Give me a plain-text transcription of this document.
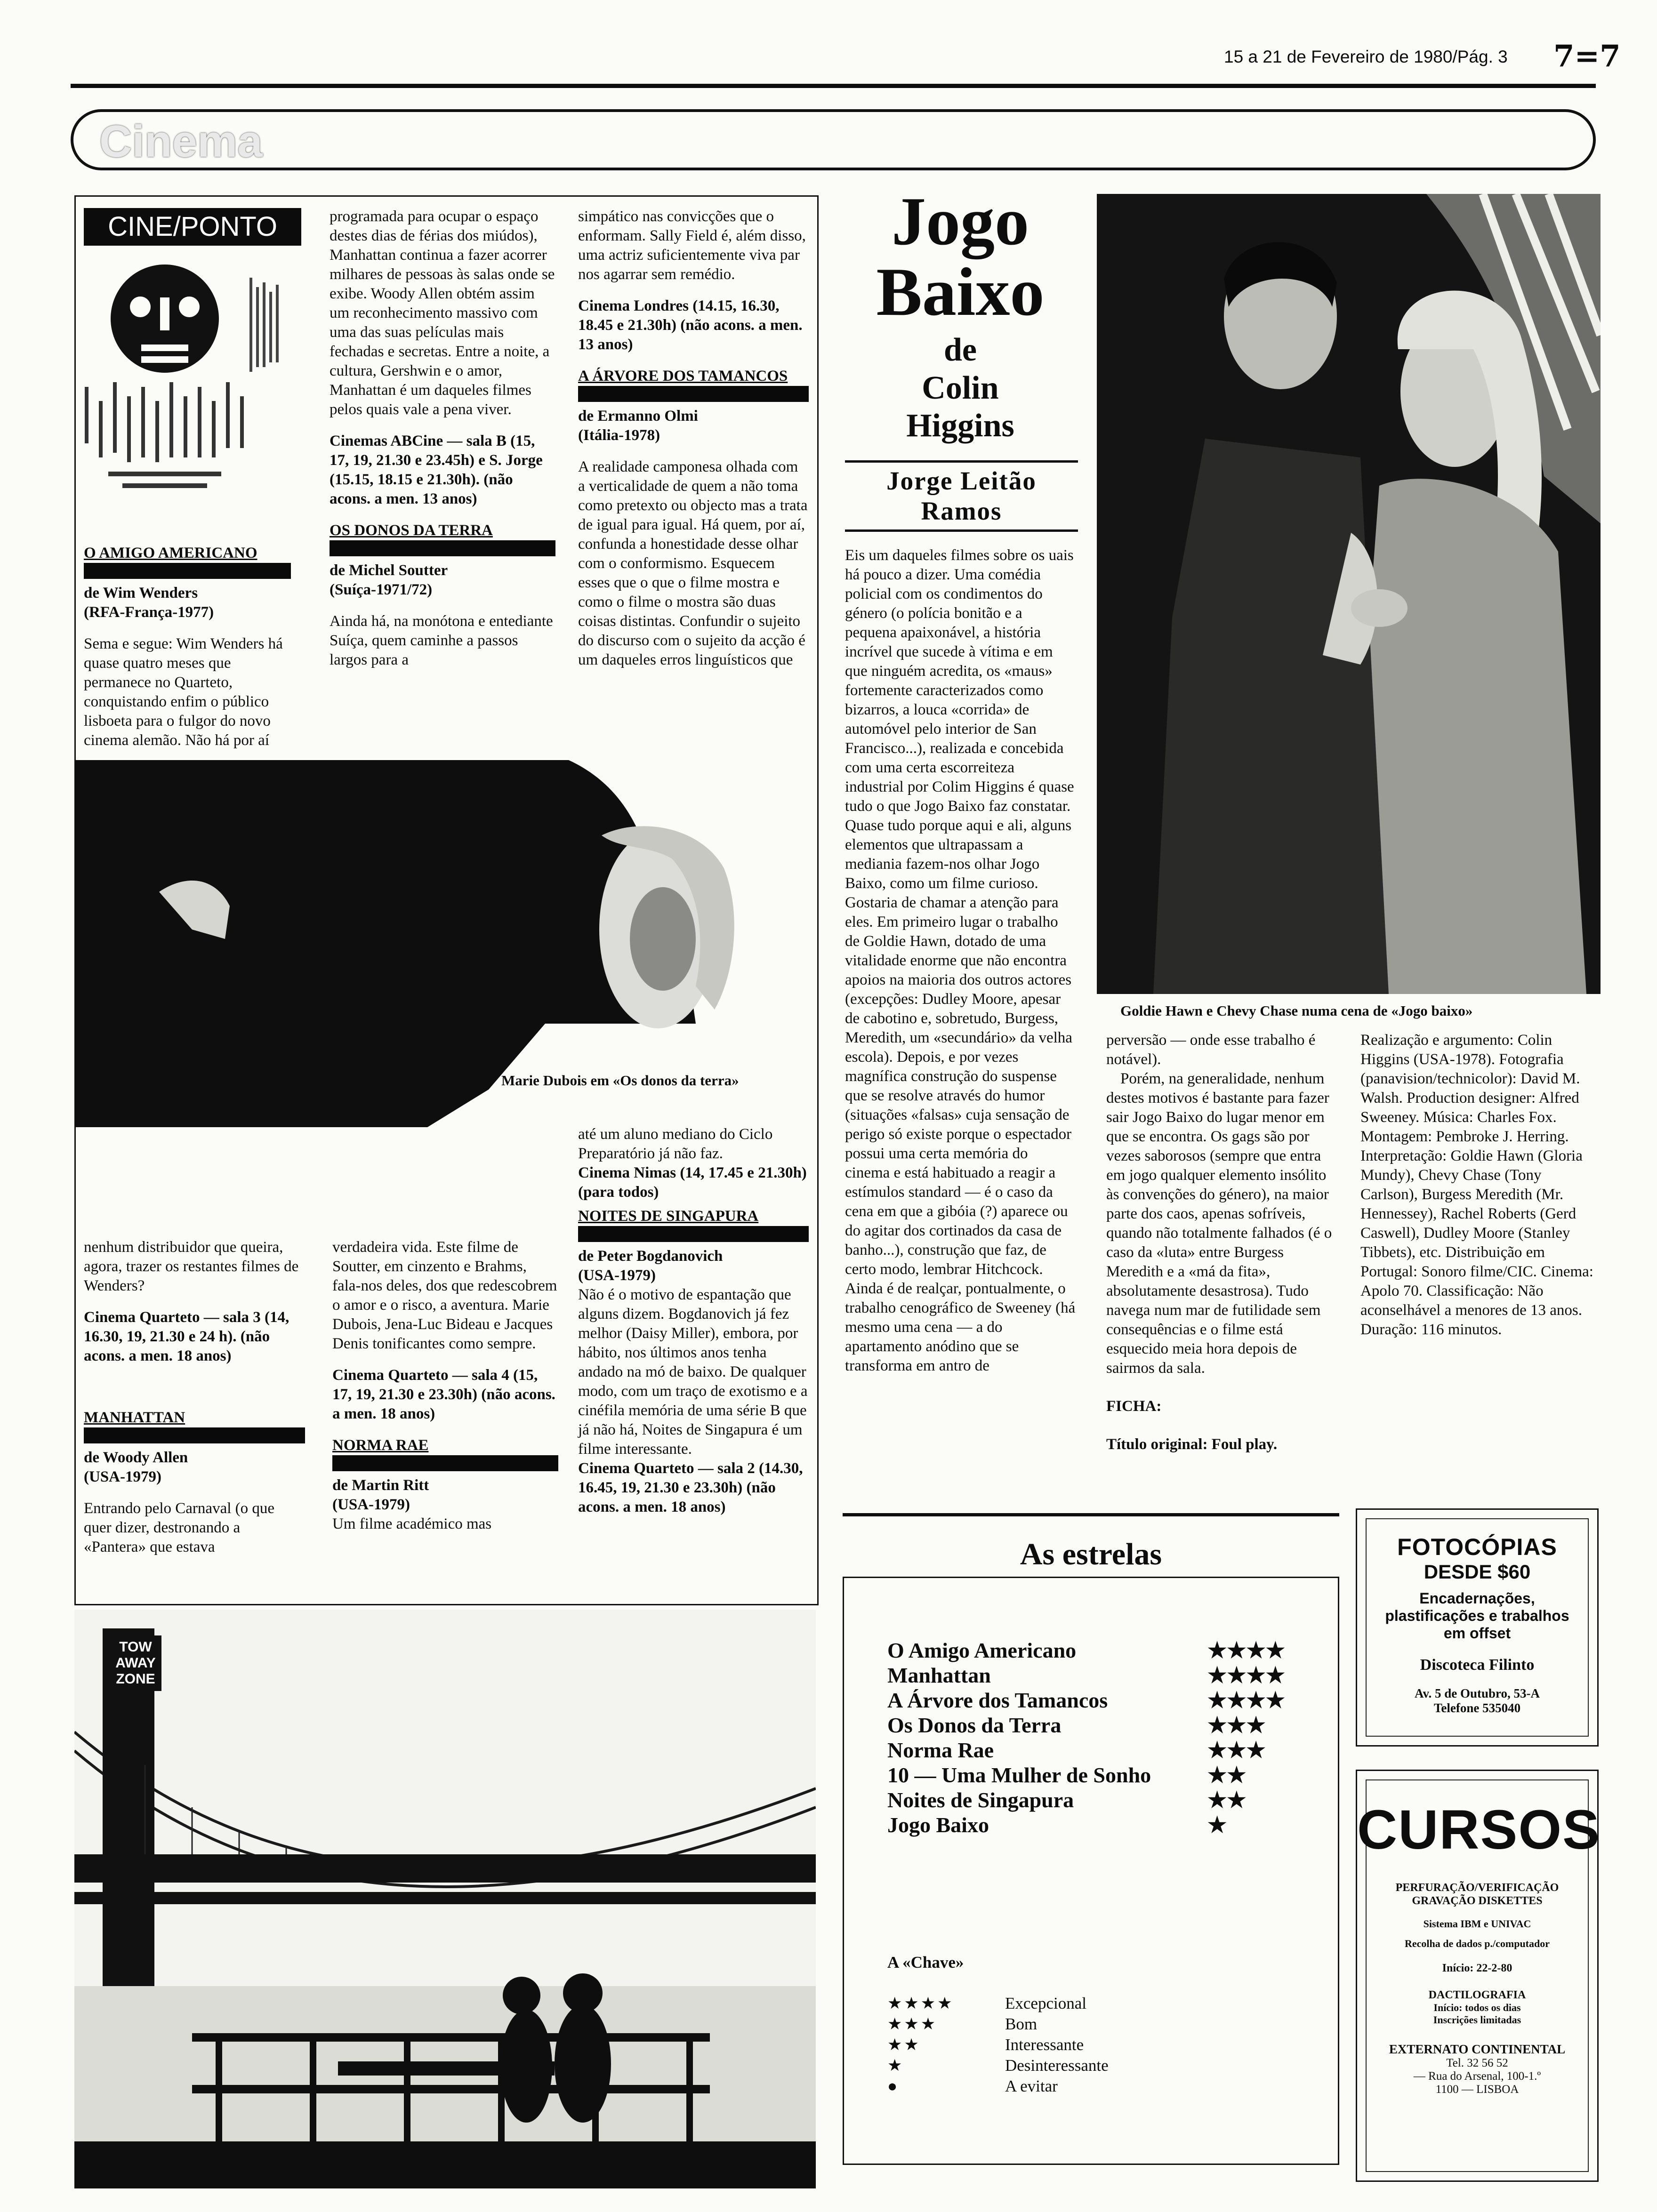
15 a 21 de Fevereiro de 1980/Pág. 3 7=7
Cinema
CINE/PONTO

O AMIGO AMERICANO

de Wim Wenders

(RFA-França-1977)

Sema e segue: Wim Wenders há quase quatro meses que permanece no Quarteto, conquistando enfim o público lisboeta para o fulgor do novo cinema alemão. Não há por aí

programada para ocupar o espaço destes dias de férias dos miúdos), Manhattan continua a fazer acorrer milhares de pessoas às salas onde se exibe. Woody Allen obtém assim um reconhecimento massivo com uma das suas películas mais fechadas e secretas. Entre a noite, a cultura, Gershwin e o amor, Manhattan é um daqueles filmes pelos quais vale a pena viver.

Cinemas ABCine — sala B (15, 17, 19, 21.30 e 23.45h) e S. Jorge (15.15, 18.15 e 21.30h). (não acons. a men. 13 anos)

OS DONOS DA TERRA

de Michel Soutter

(Suíça-1971/72)

Ainda há, na monótona e entediante Suíça, quem caminhe a passos largos para a

simpático nas convicções que o enformam. Sally Field é, além disso, uma actriz suficientemente viva par nos agarrar sem remédio.

Cinema Londres (14.15, 16.30, 18.45 e 21.30h) (não acons. a men. 13 anos)

A ÁRVORE DOS TAMANCOS

de Ermanno Olmi

(Itália-1978)

A realidade camponesa olhada com a verticalidade de quem a não toma como pretexto ou objecto mas a trata de igual para igual. Há quem, por aí, confunda a honestidade desse olhar com o conformismo. Esquecem esses que o que o filme mostra e como o filme o mostra são duas coisas distintas. Confundir o sujeito do discurso com o sujeito da acção é um daqueles erros linguísticos que

Marie Dubois em «Os donos da terra»

até um aluno mediano do Ciclo Preparatório já não faz.

Cinema Nimas (14, 17.45 e 21.30h) (para todos)

NOITES DE SINGAPURA

de Peter Bogdanovich

(USA-1979)

Não é o motivo de espantação que alguns dizem. Bogdanovich já fez melhor (Daisy Miller), embora, por hábito, nos últimos anos tenha andado na mó de baixo. De qualquer modo, com um traço de exotismo e a cinéfila memória de uma série B que já não há, Noites de Singapura é um filme interessante.

Cinema Quarteto — sala 2 (14.30, 16.45, 19, 21.30 e 23.30h) (não acons. a men. 18 anos)

nenhum distribuidor que queira, agora, trazer os restantes filmes de Wenders?

Cinema Quarteto — sala 3 (14, 16.30, 19, 21.30 e 24 h). (não acons. a men. 18 anos)

MANHATTAN

de Woody Allen

(USA-1979)

Entrando pelo Carnaval (o que quer dizer, destronando a «Pantera» que estava

verdadeira vida. Este filme de Soutter, em cinzento e Brahms, fala-nos deles, dos que redescobrem o amor e o risco, a aventura. Marie Dubois, Jena-Luc Bideau e Jacques Denis tonificantes como sempre.

Cinema Quarteto — sala 4 (15, 17, 19, 21.30 e 23.30h) (não acons. a men. 18 anos)

NORMA RAE

de Martin Ritt

(USA-1979)

Um filme académico mas

TOW AWAY ZONE
Jogo
Baixo
de
Colin
Higgins
Jorge Leitão Ramos
Goldie Hawn e Chevy Chase numa cena de «Jogo baixo»

Eis um daqueles filmes sobre os uais há pouco a dizer. Uma comédia policial com os condimentos do género (o polícia bonitão e a pequena apaixonável, a história incrível que sucede à vítima e em que ninguém acredita, os «maus» fortemente caracterizados como bizarros, a louca «corrida» de automóvel pelo interior de San Francisco...), realizada e concebida com uma certa escorreiteza industrial por Colim Higgins é quase tudo o que Jogo Baixo faz constatar. Quase tudo porque aqui e ali, alguns elementos que ultrapassam a mediania fazem-nos olhar Jogo Baixo, como um filme curioso. Gostaria de chamar a atenção para eles. Em primeiro lugar o trabalho de Goldie Hawn, dotado de uma vitalidade enorme que não encontra apoios na maioria dos outros actores (excepções: Dudley Moore, apesar de cabotino e, sobretudo, Burgess, Meredith, um «secundário» da velha escola). Depois, e por vezes magnífica construção do suspense que se resolve através do humor (situações «falsas» cuja sensação de perigo só existe porque o espectador possui uma certa memória do cinema e está habituado a reagir a estímulos standard — é o caso da cena em que a gibóia (?) aparece ou do agitar dos cortinados da casa de banho...), construção que faz, de certo modo, lembrar Hitchcock. Ainda é de realçar, pontualmente, o trabalho cenográfico de Sweeney (há mesmo uma cena — a do apartamento anódino que se transforma em antro de

perversão — onde esse trabalho é notável).

Porém, na generalidade, nenhum destes motivos é bastante para fazer sair Jogo Baixo do lugar menor em que se encontra. Os gags são por vezes saborosos (sempre que entra em jogo qualquer elemento insólito às convenções do género), na maior parte dos caos, apenas sofríveis, quando não totalmente falhados (é o caso da «luta» entre Burgess Meredith e a «má da fita», absolutamente desastrosa). Tudo navega num mar de futilidade sem consequências e o filme está esquecido meia hora depois de sairmos da sala.

FICHA:

Título original: Foul play.

Realização e argumento: Colin Higgins (USA-1978). Fotografia (panavision/technicolor): David M. Walsh. Production designer: Alfred Sweeney. Música: Charles Fox. Montagem: Pembroke J. Herring. Interpretação: Goldie Hawn (Gloria Mundy), Chevy Chase (Tony Carlson), Burgess Meredith (Mr. Hennessey), Rachel Roberts (Gerd Caswell), Dudley Moore (Stanley Tibbets), etc. Distribuição em Portugal: Sonoro filme/CIC. Cinema: Apolo 70. Classificação: Não aconselhável a menores de 13 anos. Duração: 116 minutos.

As estrelas
O Amigo Americano	★★★★
Manhattan	★★★★
A Árvore dos Tamancos	★★★★
Os Donos da Terra	★★★
Norma Rae	★★★
10 — Uma Mulher de Sonho	★★
Noites de Singapura	★★
Jogo Baixo	★
A «Chave»
★★★★	Excepcional
★★★	Bom
★★	Interessante
★	Desinteressante
●	A evitar
FOTOCÓPIAS
DESDE $60
Encadernações, plastificações e trabalhos em offset
Discoteca Filinto
Av. 5 de Outubro, 53-A
Telefone 535040
CURSOS
PERFURAÇÃO/VERIFICAÇÃO GRAVAÇÃO DISKETTES
Sistema IBM e UNIVAC
Recolha de dados p./computador
Início: 22-2-80
DACTILOGRAFIA
Início: todos os dias
Inscrições limitadas
EXTERNATO CONTINENTAL
Tel. 32 56 52
— Rua do Arsenal, 100-1.º
1100 — LISBOA
